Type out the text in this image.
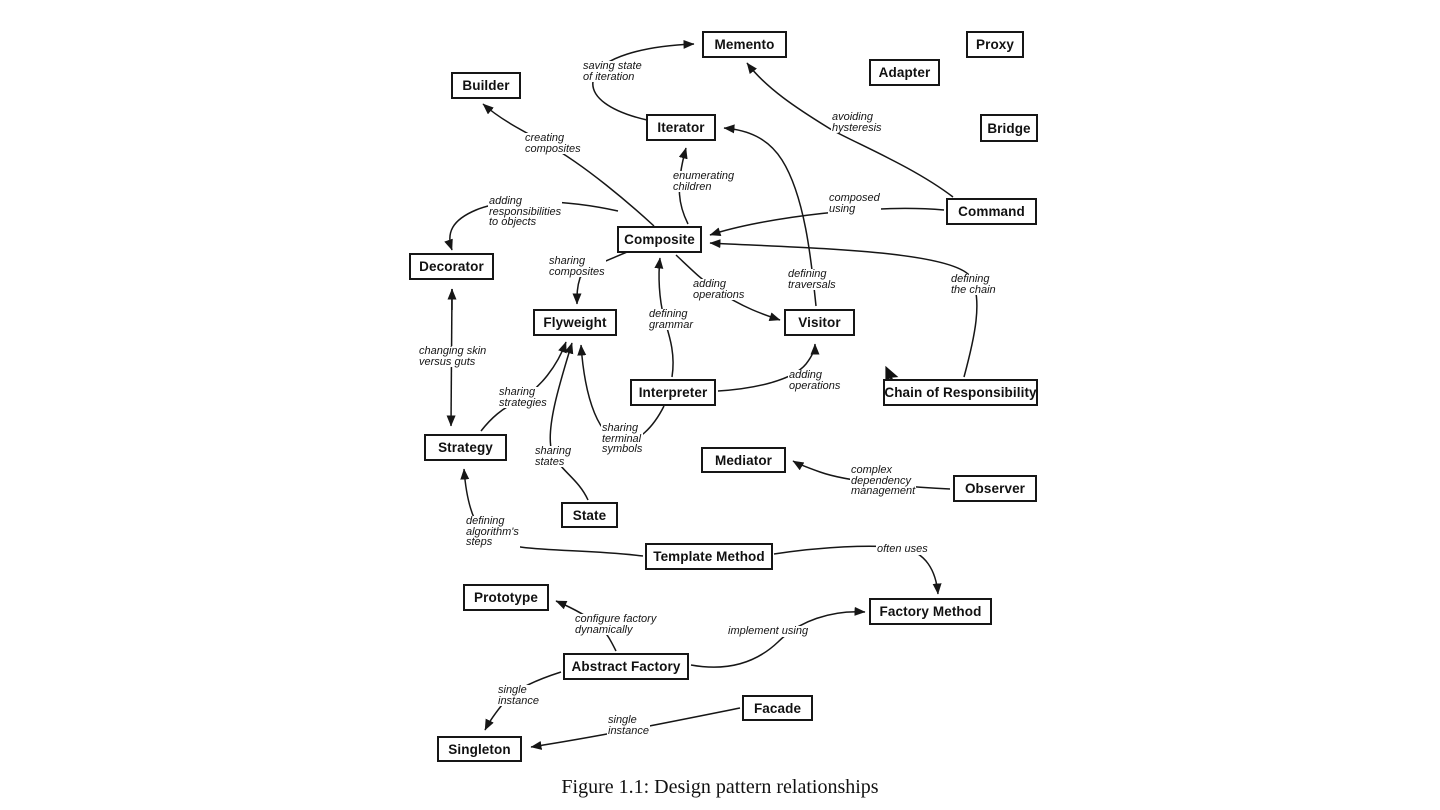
Memento	Proxy
Adapter
Builder
Iterator	Bridge
Command
Composite
Decorator
Flyweight	Visitor
Interpreter	Chain of Responsibility
Strategy
Mediator
Observer
State
Template Method
Prototype
Factory Method
Abstract Factory
Facade
Singleton
saving state
of iteration
avoiding
hysteresis
creating
composites
enumerating
children
composed
using
adding
responsibilities
to objects
sharing
composites	defining
traversals	defining
the chain
adding
operations
defining
grammar
changing skin
versus guts
adding
operations
sharing
strategies
sharing
terminal
symbols
sharing
states
complex
dependency
management
defining
algorithm's
steps
often uses
configure factory
dynamically	implement using
single
instance
single
instance
Figure 1.1: Design pattern relationships
